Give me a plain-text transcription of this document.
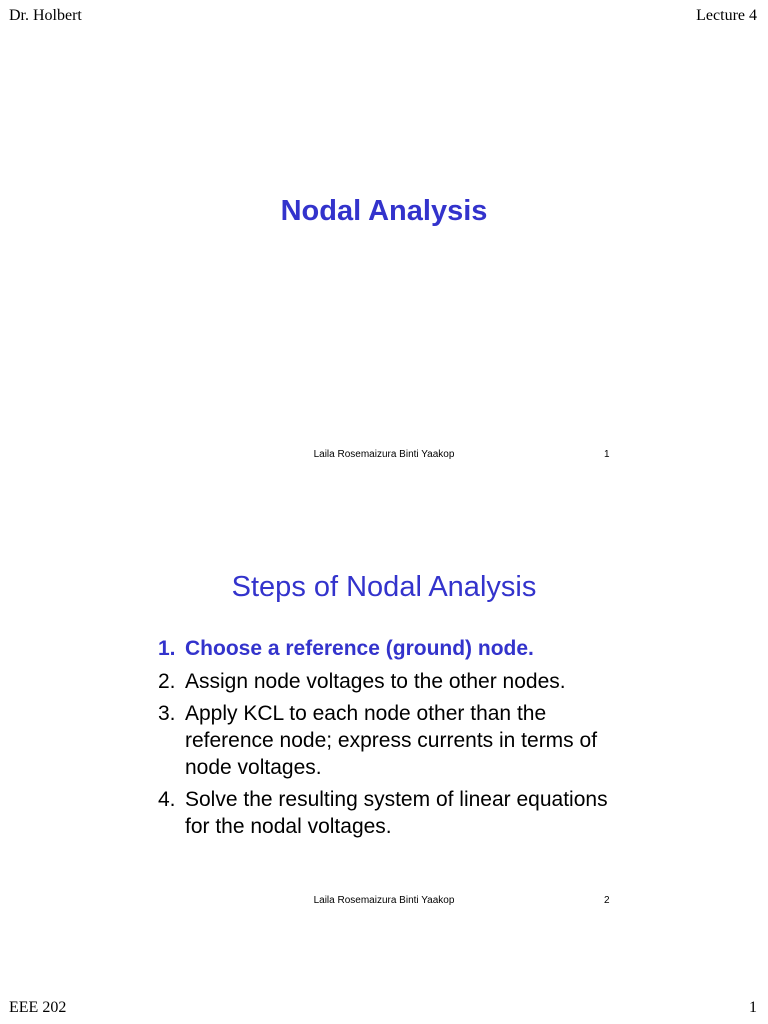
Dr. Holbert	Lecture 4
Nodal Analysis
Laila Rosemaizura Binti Yaakop	1
Steps of Nodal Analysis
1. Choose a reference (ground) node.
2. Assign node voltages to the other nodes.
3. Apply KCL to each node other than the reference node; express currents in terms of node voltages.
4. Solve the resulting system of linear equations for the nodal voltages.
Laila Rosemaizura Binti Yaakop	2
EEE 202	1
